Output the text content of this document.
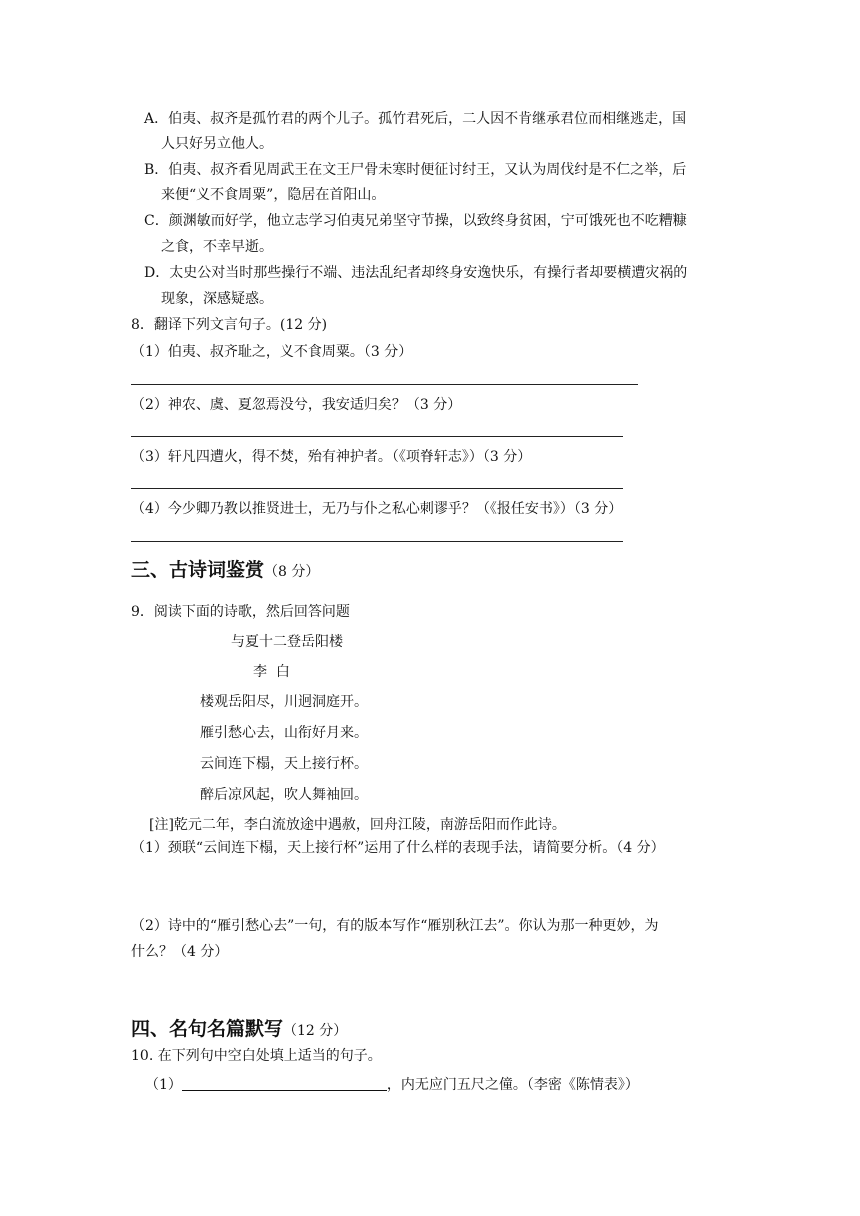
A．伯夷、叔齐是孤竹君的两个儿子。孤竹君死后，二人因不肯继承君位而相继逃走，国
人只好另立他人。
B．伯夷、叔齐看见周武王在文王尸骨未寒时便征讨纣王，又认为周伐纣是不仁之举，后
来便“义不食周粟”，隐居在首阳山。
C．颜渊敏而好学，他立志学习伯夷兄弟坚守节操，以致终身贫困，宁可饿死也不吃糟糠
之食，不幸早逝。
D．太史公对当时那些操行不端、违法乱纪者却终身安逸快乐，有操行者却要横遭灾祸的
现象，深感疑惑。
8．翻译下列文言句子。(12 分)
（1）伯夷、叔齐耻之，义不食周粟。（3 分）
（2）神农、虞、夏忽焉没兮，我安适归矣？（3 分）
（3）轩凡四遭火，得不焚，殆有神护者。（《项脊轩志》）（3 分）
（4）今少卿乃教以推贤进士，无乃与仆之私心刺谬乎？（《报任安书》）（3 分）
三、古诗词鉴赏（8 分）
9．阅读下面的诗歌，然后回答问题
与夏十二登岳阳楼
李  白
楼观岳阳尽，川迥洞庭开。
雁引愁心去，山衔好月来。
云间连下榻，天上接行杯。
醉后凉风起，吹人舞袖回。
[注]乾元二年，李白流放途中遇赦，回舟江陵，南游岳阳而作此诗。
（1）颈联“云间连下榻，天上接行杯”运用了什么样的表现手法，请简要分析。（4 分）
（2）诗中的“雁引愁心去”一句，有的版本写作“雁别秋江去”。你认为那一种更妙，为
什么？（4 分）
四、名句名篇默写（12 分）
10. 在下列句中空白处填上适当的句子。
（1）	，内无应门五尺之僮。（李密《陈情表》）
